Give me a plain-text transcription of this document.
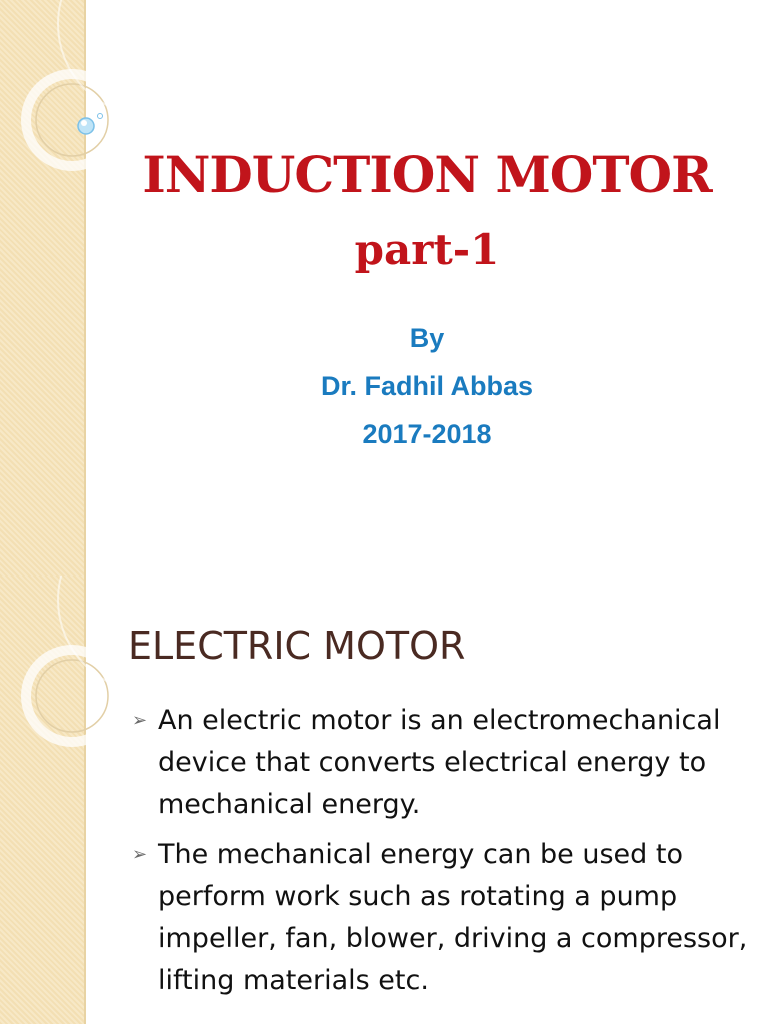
INDUCTION MOTOR
part-1

By

Dr. Fadhil Abbas

2017-2018

ELECTRIC MOTOR
➢ An electric motor is an electromechanical device that converts electrical energy to mechanical energy.
➢ The mechanical energy can be used to perform work such as rotating a pump impeller, fan, blower, driving a compressor, lifting materials etc.
